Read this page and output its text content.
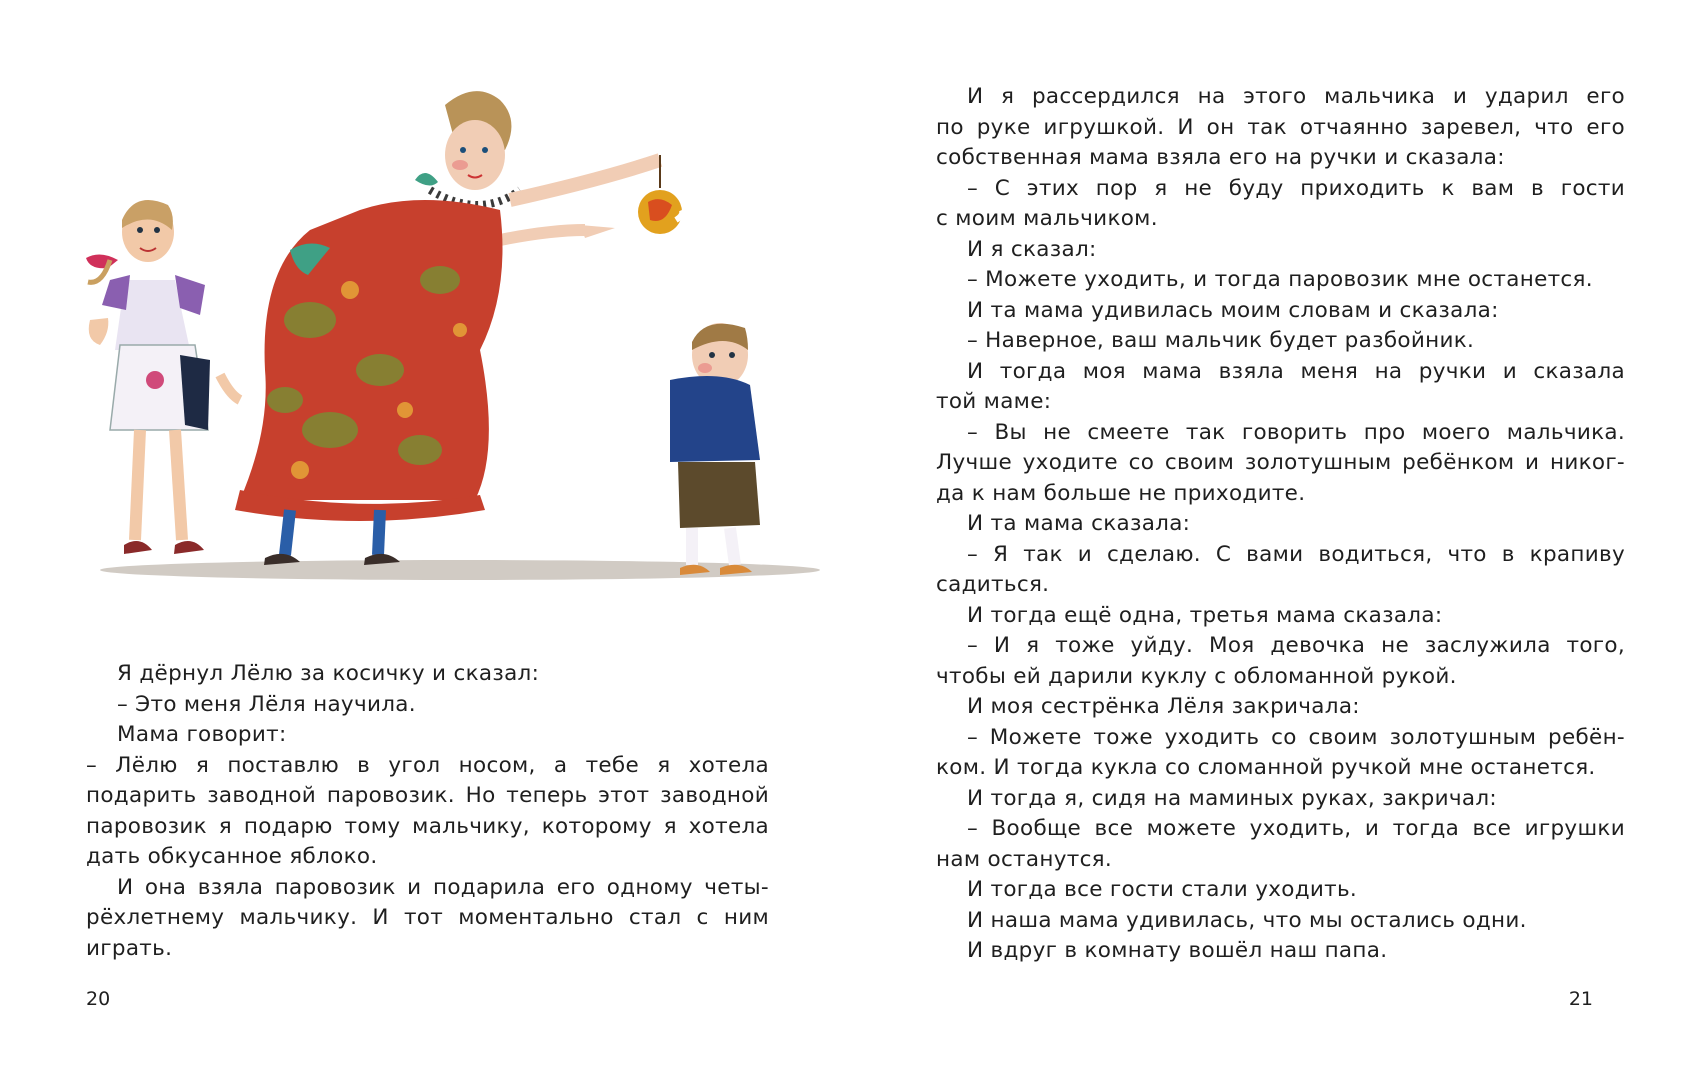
Я дёрнул Лёлю за косичку и сказал:
– Это меня Лёля научила.
Мама говорит:
– Лёлю я поставлю в угол носом, а тебе я хотела
подарить заводной паровозик. Но теперь этот заводной
паровозик я подарю тому мальчику, которому я хотела
дать обкусанное яблоко.
И она взяла паровозик и подарила его одному четы-
рёхлетнему мальчику. И тот моментально стал с ним
играть.
20
И я рассердился на этого мальчика и ударил его
по руке игрушкой. И он так отчаянно заревел, что его
собственная мама взяла его на ручки и сказала:
– С этих пор я не буду приходить к вам в гости
с моим мальчиком.
И я сказал:
– Можете уходить, и тогда паровозик мне останется.
И та мама удивилась моим словам и сказала:
– Наверное, ваш мальчик будет разбойник.
И тогда моя мама взяла меня на ручки и сказала
той маме:
– Вы не смеете так говорить про моего мальчика.
Лучше уходите со своим золотушным ребёнком и никог-
да к нам больше не приходите.
И та мама сказала:
– Я так и сделаю. С вами водиться, что в крапиву
садиться.
И тогда ещё одна, третья мама сказала:
– И я тоже уйду. Моя девочка не заслужила того,
чтобы ей дарили куклу с обломанной рукой.
И моя сестрёнка Лёля закричала:
– Можете тоже уходить со своим золотушным ребён-
ком. И тогда кукла со сломанной ручкой мне останется.
И тогда я, сидя на маминых руках, закричал:
– Вообще все можете уходить, и тогда все игрушки
нам останутся.
И тогда все гости стали уходить.
И наша мама удивилась, что мы остались одни.
И вдруг в комнату вошёл наш папа.
21
